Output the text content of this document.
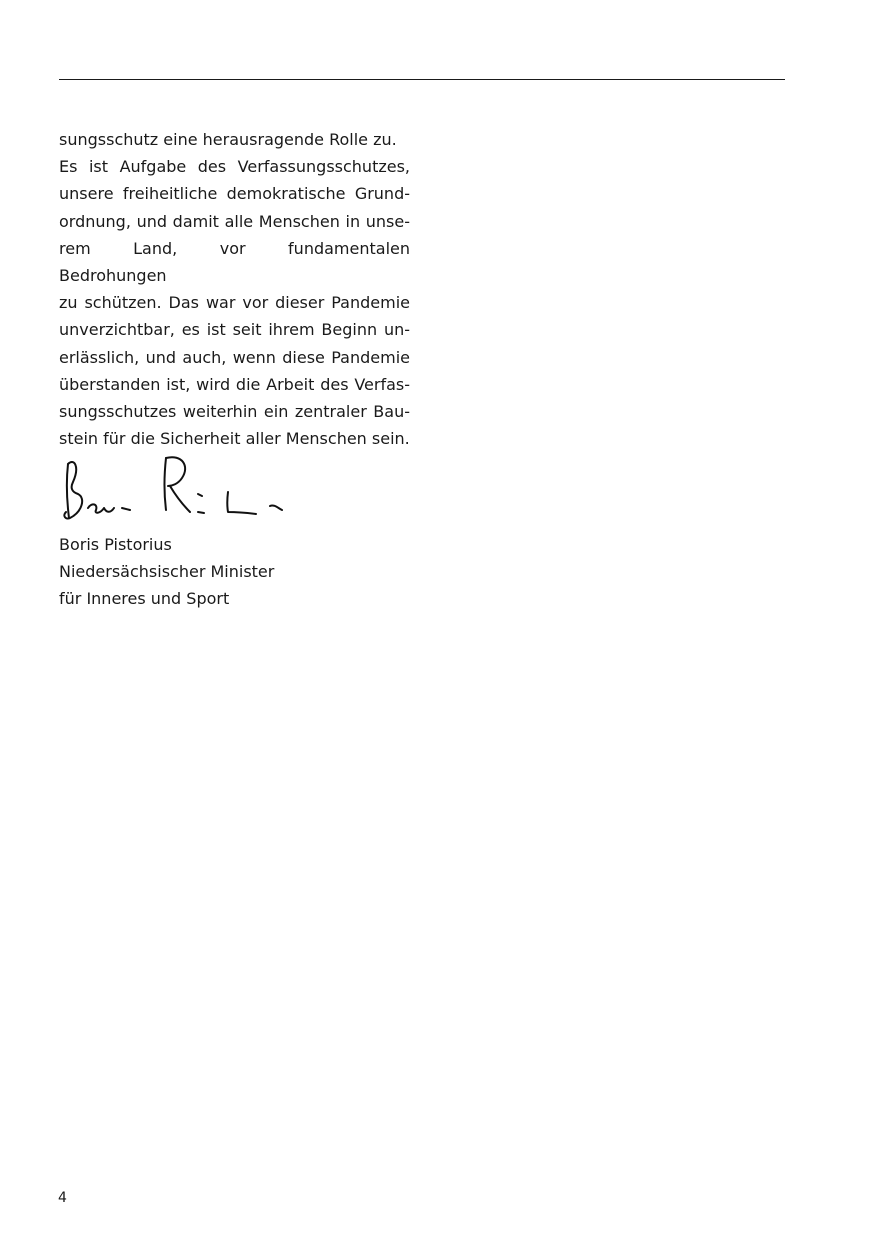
sungsschutz eine herausragende Rolle zu.
Es ist Aufgabe des Verfassungsschutzes,
unsere freiheitliche demokratische Grund-
ordnung, und damit alle Menschen in unse-
rem Land, vor fundamentalen Bedrohungen
zu schützen. Das war vor dieser Pandemie
unverzichtbar, es ist seit ihrem Beginn un-
erlässlich, und auch, wenn diese Pandemie
überstanden ist, wird die Arbeit des Verfas-
sungsschutzes weiterhin ein zentraler Bau-
stein für die Sicherheit aller Menschen sein.
Boris Pistorius
Niedersächsischer Minister
für Inneres und Sport
4
